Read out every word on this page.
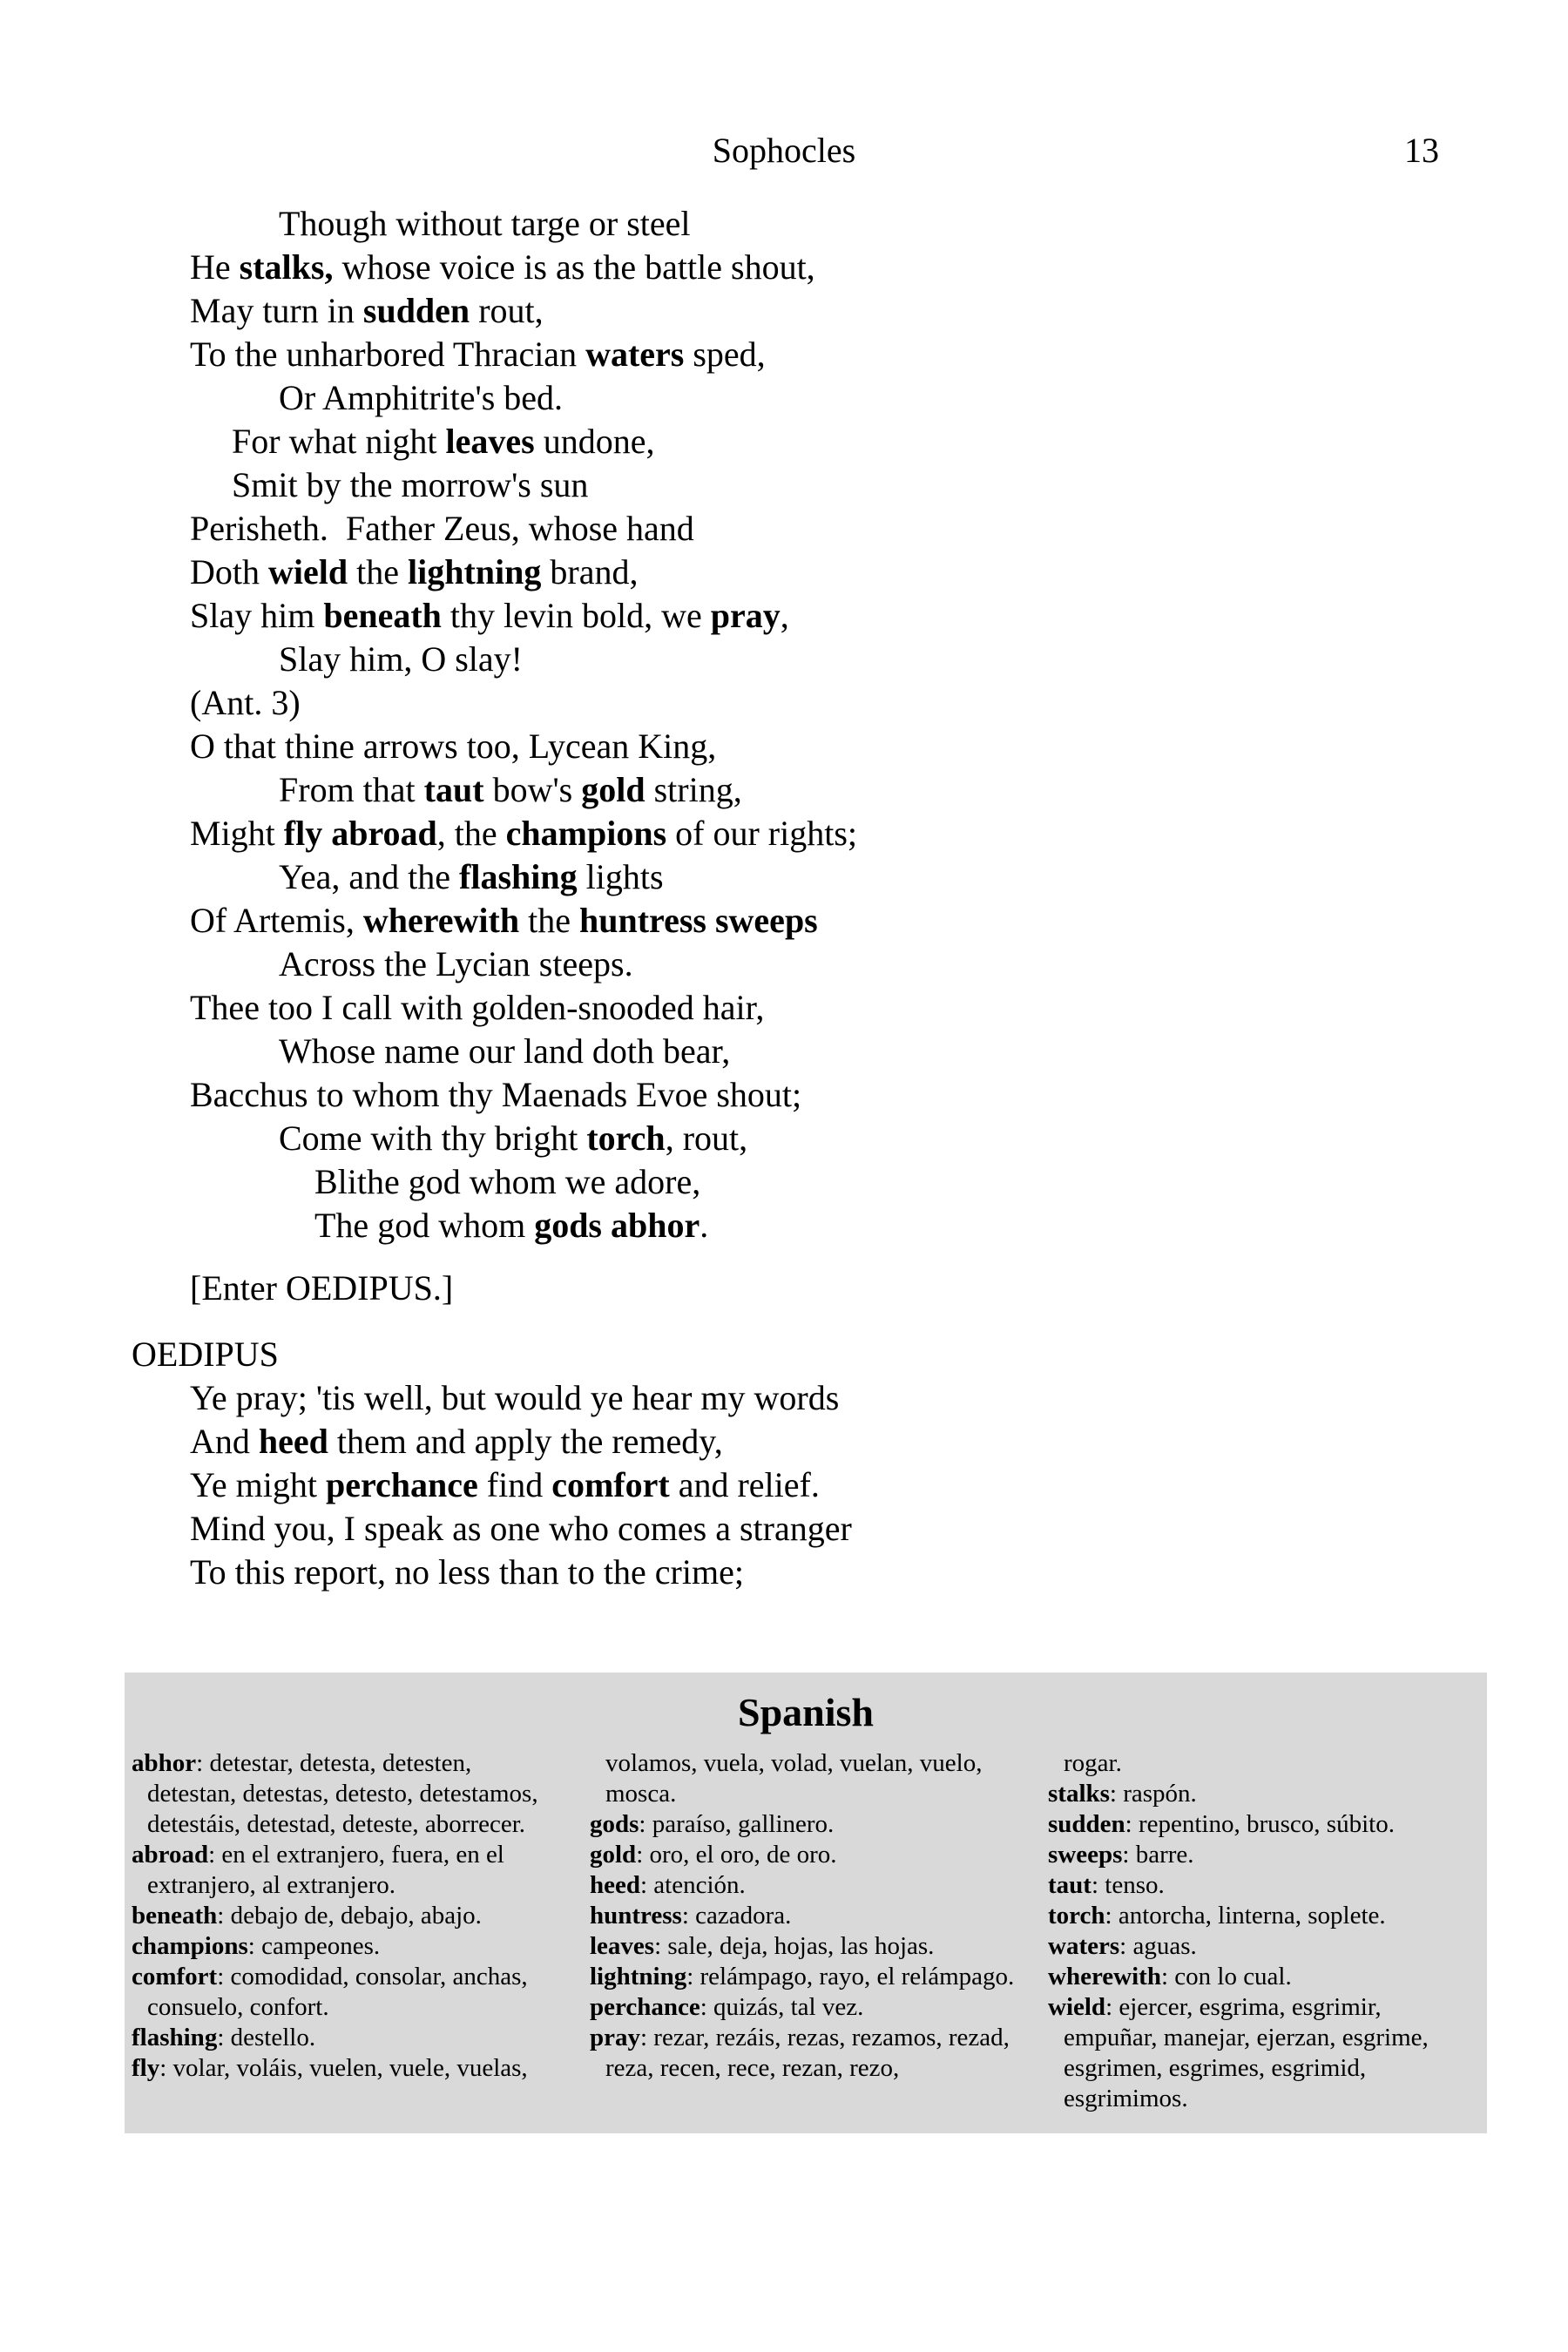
Sophocles	13
Though without targe or steel
He stalks, whose voice is as the battle shout,
May turn in sudden rout,
To the unharbored Thracian waters sped,
Or Amphitrite's bed.
For what night leaves undone,
Smit by the morrow's sun
Perisheth.  Father Zeus, whose hand
Doth wield the lightning brand,
Slay him beneath thy levin bold, we pray,
Slay him, O slay!
(Ant. 3)
O that thine arrows too, Lycean King,
From that taut bow's gold string,
Might fly abroad, the champions of our rights;
Yea, and the flashing lights
Of Artemis, wherewith the huntress sweeps
Across the Lycian steeps.
Thee too I call with golden-snooded hair,
Whose name our land doth bear,
Bacchus to whom thy Maenads Evoe shout;
Come with thy bright torch, rout,
Blithe god whom we adore,
The god whom gods abhor.
[Enter OEDIPUS.]
OEDIPUS
Ye pray; 'tis well, but would ye hear my words
And heed them and apply the remedy,
Ye might perchance find comfort and relief.
Mind you, I speak as one who comes a stranger
To this report, no less than to the crime;
Spanish
abhor: detestar, detesta, detesten, detestan, detestas, detesto, detestamos, detestáis, detestad, deteste, aborrecer.
abroad: en el extranjero, fuera, en el extranjero, al extranjero.
beneath: debajo de, debajo, abajo.
champions: campeones.
comfort: comodidad, consolar, anchas, consuelo, confort.
flashing: destello.
fly: volar, voláis, vuelen, vuele, vuelas,
volamos, vuela, volad, vuelan, vuelo, mosca.
gods: paraíso, gallinero.
gold: oro, el oro, de oro.
heed: atención.
huntress: cazadora.
leaves: sale, deja, hojas, las hojas.
lightning: relámpago, rayo, el relámpago.
perchance: quizás, tal vez.
pray: rezar, rezáis, rezas, rezamos, rezad, reza, recen, rece, rezan, rezo,
rogar.
stalks: raspón.
sudden: repentino, brusco, súbito.
sweeps: barre.
taut: tenso.
torch: antorcha, linterna, soplete.
waters: aguas.
wherewith: con lo cual.
wield: ejercer, esgrima, esgrimir, empuñar, manejar, ejerzan, esgrime, esgrimen, esgrimes, esgrimid, esgrimimos.
